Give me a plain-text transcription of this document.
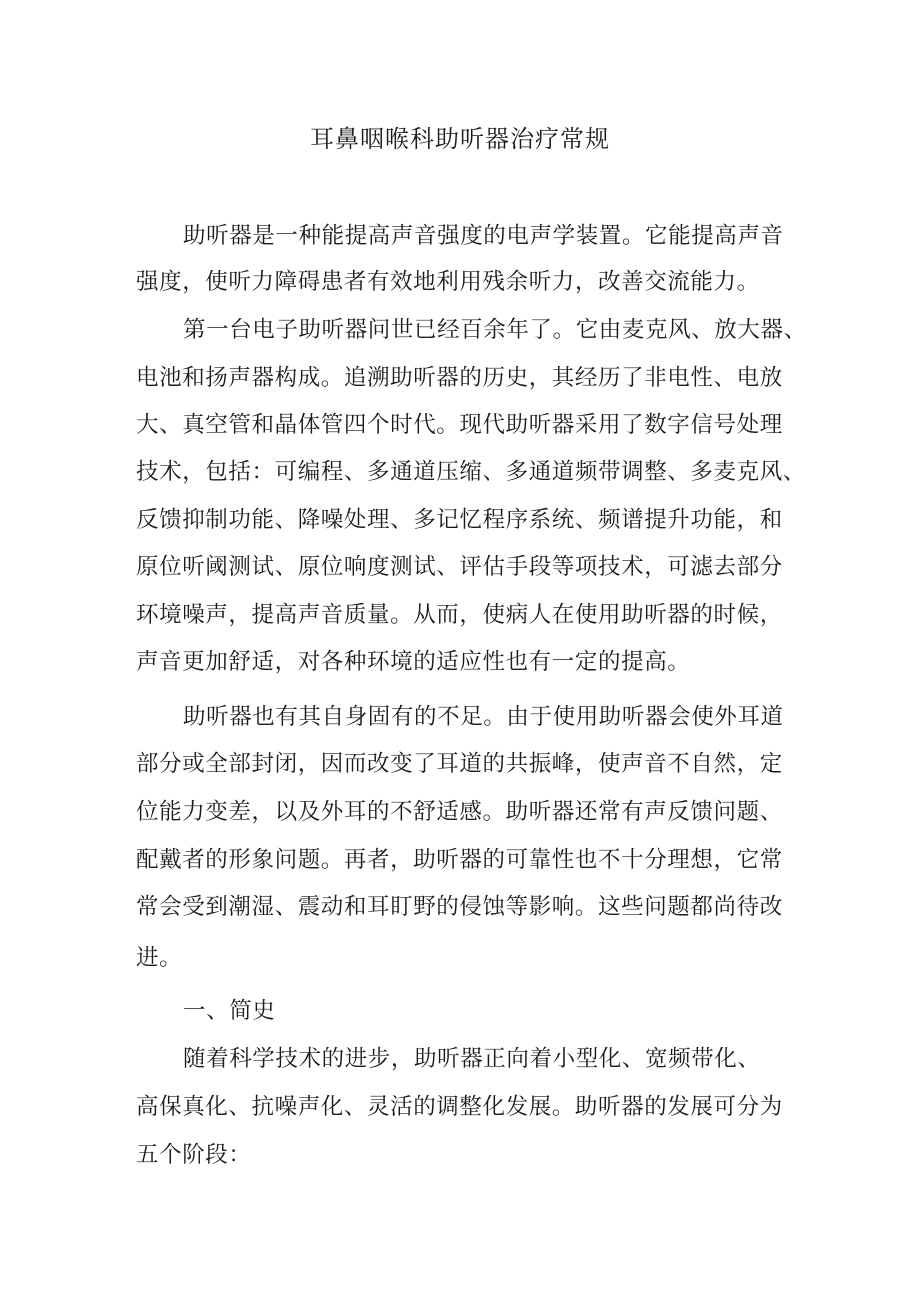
耳鼻咽喉科助听器治疗常规
助听器是一种能提高声音强度的电声学装置。它能提高声音
强度，使听力障碍患者有效地利用残余听力，改善交流能力。
第一台电子助听器问世已经百余年了。它由麦克风、放大器、
电池和扬声器构成。追溯助听器的历史，其经历了非电性、电放
大、真空管和晶体管四个时代。现代助听器采用了数字信号处理
技术，包括：可编程、多通道压缩、多通道频带调整、多麦克风、
反馈抑制功能、降噪处理、多记忆程序系统、频谱提升功能，和
原位听阈测试、原位响度测试、评估手段等项技术，可滤去部分
环境噪声，提高声音质量。从而，使病人在使用助听器的时候，
声音更加舒适，对各种环境的适应性也有一定的提高。
助听器也有其自身固有的不足。由于使用助听器会使外耳道
部分或全部封闭，因而改变了耳道的共振峰，使声音不自然，定
位能力变差，以及外耳的不舒适感。助听器还常有声反馈问题、
配戴者的形象问题。再者，助听器的可靠性也不十分理想，它常
常会受到潮湿、震动和耳盯野的侵蚀等影响。这些问题都尚待改
进。
一、简史
随着科学技术的进步，助听器正向着小型化、宽频带化、
高保真化、抗噪声化、灵活的调整化发展。助听器的发展可分为
五个阶段：
